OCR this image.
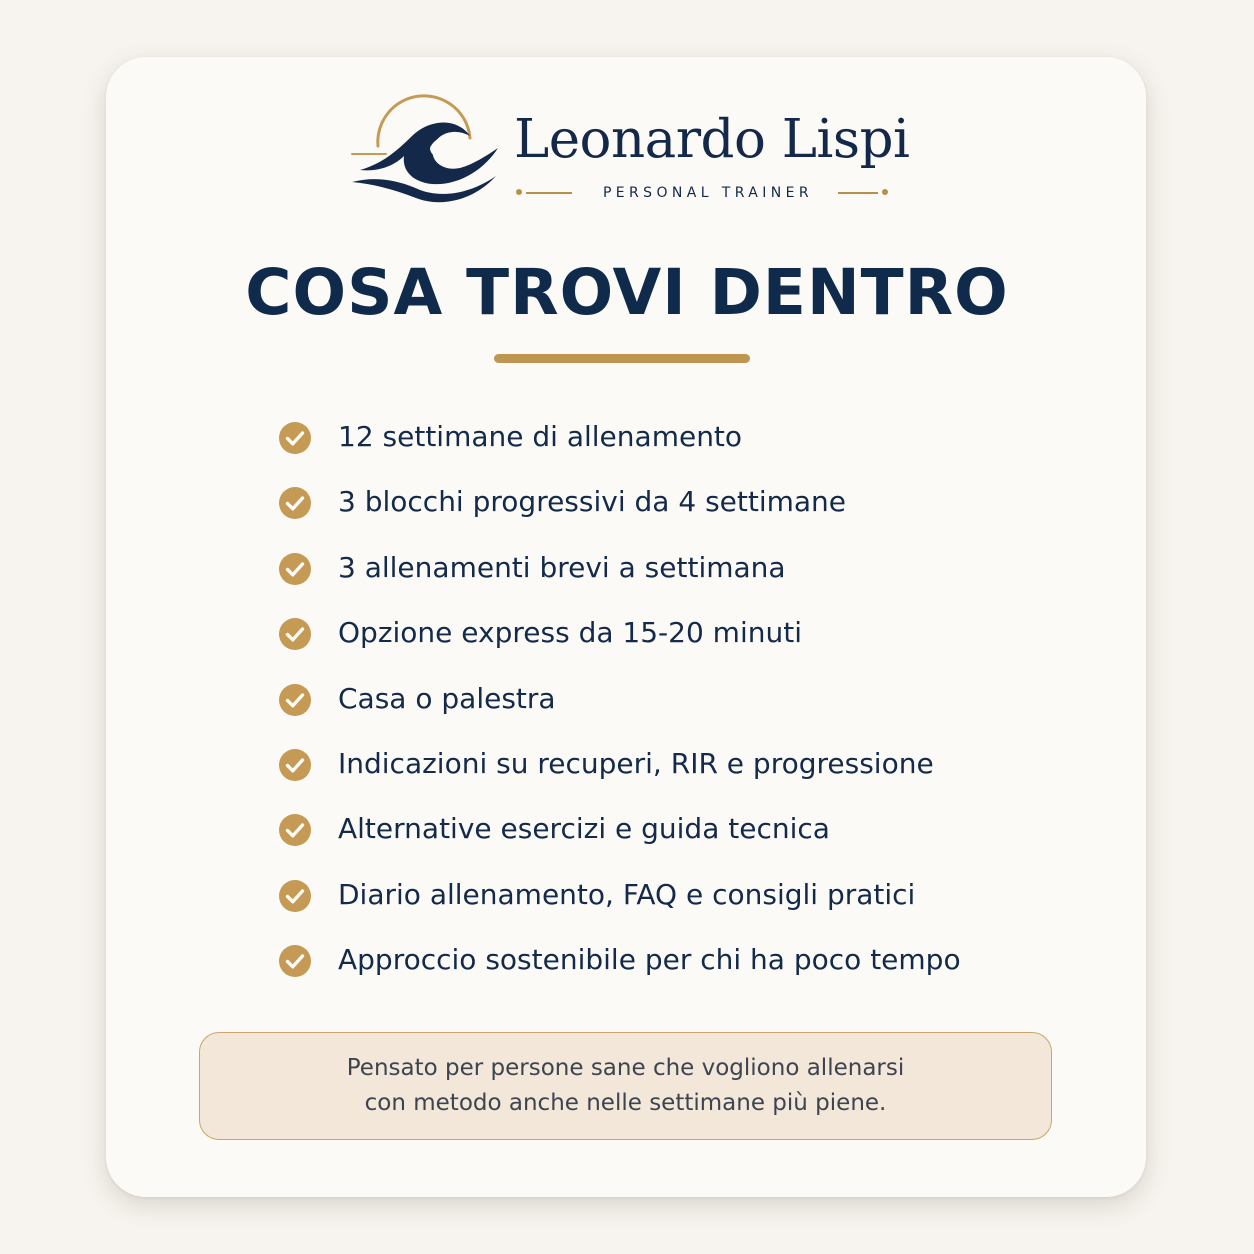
Leonardo Lispi
PERSONAL TRAINER
COSA TROVI DENTRO
12 settimane di allenamento
3 blocchi progressivi da 4 settimane
3 allenamenti brevi a settimana
Opzione express da 15-20 minuti
Casa o palestra
Indicazioni su recuperi, RIR e progressione
Alternative esercizi e guida tecnica
Diario allenamento, FAQ e consigli pratici
Approccio sostenibile per chi ha poco tempo
Pensato per persone sane che vogliono allenarsi
con metodo anche nelle settimane più piene.
